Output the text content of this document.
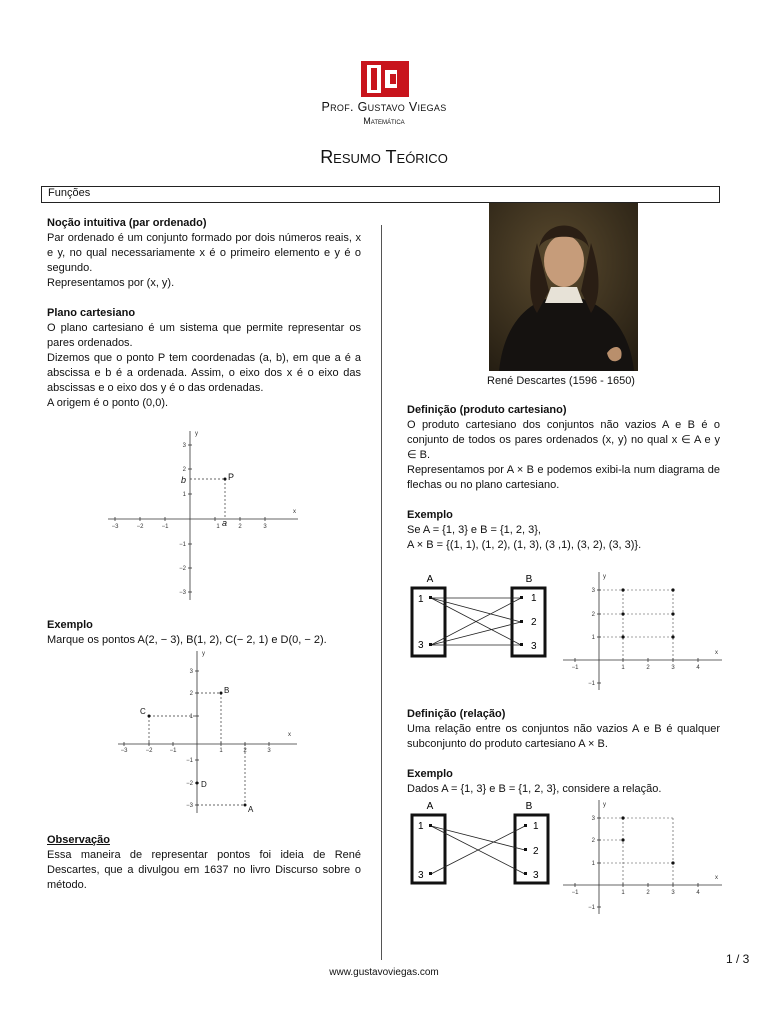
Prof. Gustavo Viegas
Matemática
Resumo Teórico
Funções
Noção intuitiva (par ordenado)

Par ordenado é um conjunto formado por dois números reais, x e y, no qual necessariamente x é o primeiro elemento e y é o segundo.

Representamos por (x, y).

Plano cartesiano

O plano cartesiano é um sistema que permite representar os pares ordenados.

Dizemos que o ponto P tem coordenadas (a, b), em que a é a abscissa e b é a ordenada. Assim, o eixo dos x é o eixo das abscissas e o eixo dos y é o das ordenadas.

A origem é o ponto (0,0).

−3	−2	−1	1	2	3
3
2
1
−1
−2
−3
x
y
P
a
b
Exemplo

Marque os pontos A(2, − 3), B(1, 2), C(− 2, 1) e D(0, − 2).

−3	−2	−1	1	2	3
3
2
1
−1
−2
−3
x
y
A
B
C
D
Observação

Essa maneira de representar pontos foi ideia de René Descartes, que a divulgou em 1637 no livro Discurso sobre o método.

René Descartes (1596 - 1650)
Definição (produto cartesiano)

O produto cartesiano dos conjuntos não vazios A e B é o conjunto de todos os pares ordenados (x, y) no qual x ∈ A e y ∈ B.

Representamos por A × B e podemos exibi-la num diagrama de flechas ou no plano cartesiano.

Exemplo

Se A = {1, 3} e B = {1, 2, 3},

A × B = {(1, 1), (1, 2), (1, 3), (3 ,1), (3, 2), (3, 3)}.

A	B
1
3
1
2
3
−1	1	2	3	4
3
2
1
−1
x
y
Definição (relação)

Uma relação entre os conjuntos não vazios A e B é qualquer subconjunto do produto cartesiano A × B.

Exemplo

Dados A = {1, 3} e B = {1, 2, 3}, considere a relação.

A	B
1
3
1
2
3
−1	1	2	3	4
3
2
1
−1
x
y
1 / 3
www.gustavoviegas.com
